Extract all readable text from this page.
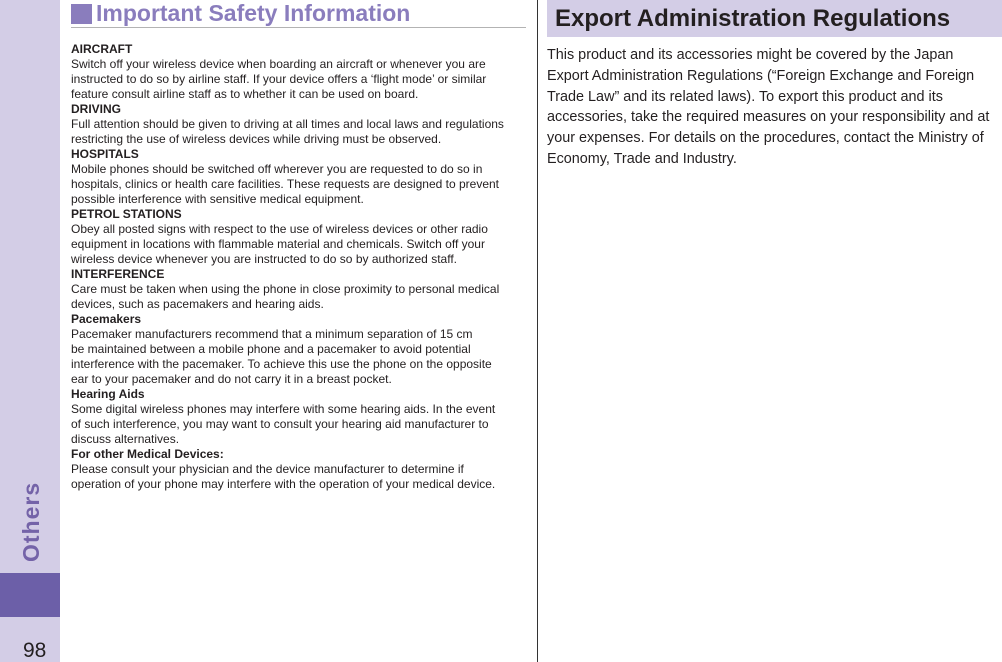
Others
98
Important Safety Information
AIRCRAFT
Switch off your wireless device when boarding an aircraft or whenever you are
instructed to do so by airline staff. If your device offers a ‘flight mode’ or similar
feature consult airline staff as to whether it can be used on board.
DRIVING
Full attention should be given to driving at all times and local laws and regulations
restricting the use of wireless devices while driving must be observed.
HOSPITALS
Mobile phones should be switched off wherever you are requested to do so in
hospitals, clinics or health care facilities. These requests are designed to prevent
possible interference with sensitive medical equipment.
PETROL STATIONS
Obey all posted signs with respect to the use of wireless devices or other radio
equipment in locations with flammable material and chemicals. Switch off your
wireless device whenever you are instructed to do so by authorized staff.
INTERFERENCE
Care must be taken when using the phone in close proximity to personal medical
devices, such as pacemakers and hearing aids.
Pacemakers
Pacemaker manufacturers recommend that a minimum separation of 15 cm
be maintained between a mobile phone and a pacemaker to avoid potential
interference with the pacemaker. To achieve this use the phone on the opposite
ear to your pacemaker and do not carry it in a breast pocket.
Hearing Aids
Some digital wireless phones may interfere with some hearing aids. In the event
of such interference, you may want to consult your hearing aid manufacturer to
discuss alternatives.
For other Medical Devices:
Please consult your physician and the device manufacturer to determine if
operation of your phone may interfere with the operation of your medical device.
Export Administration Regulations
This product and its accessories might be covered by the Japan
Export Administration Regulations (“Foreign Exchange and Foreign
Trade Law” and its related laws). To export this product and its
accessories, take the required measures on your responsibility and at
your expenses. For details on the procedures, contact the Ministry of
Economy, Trade and Industry.
